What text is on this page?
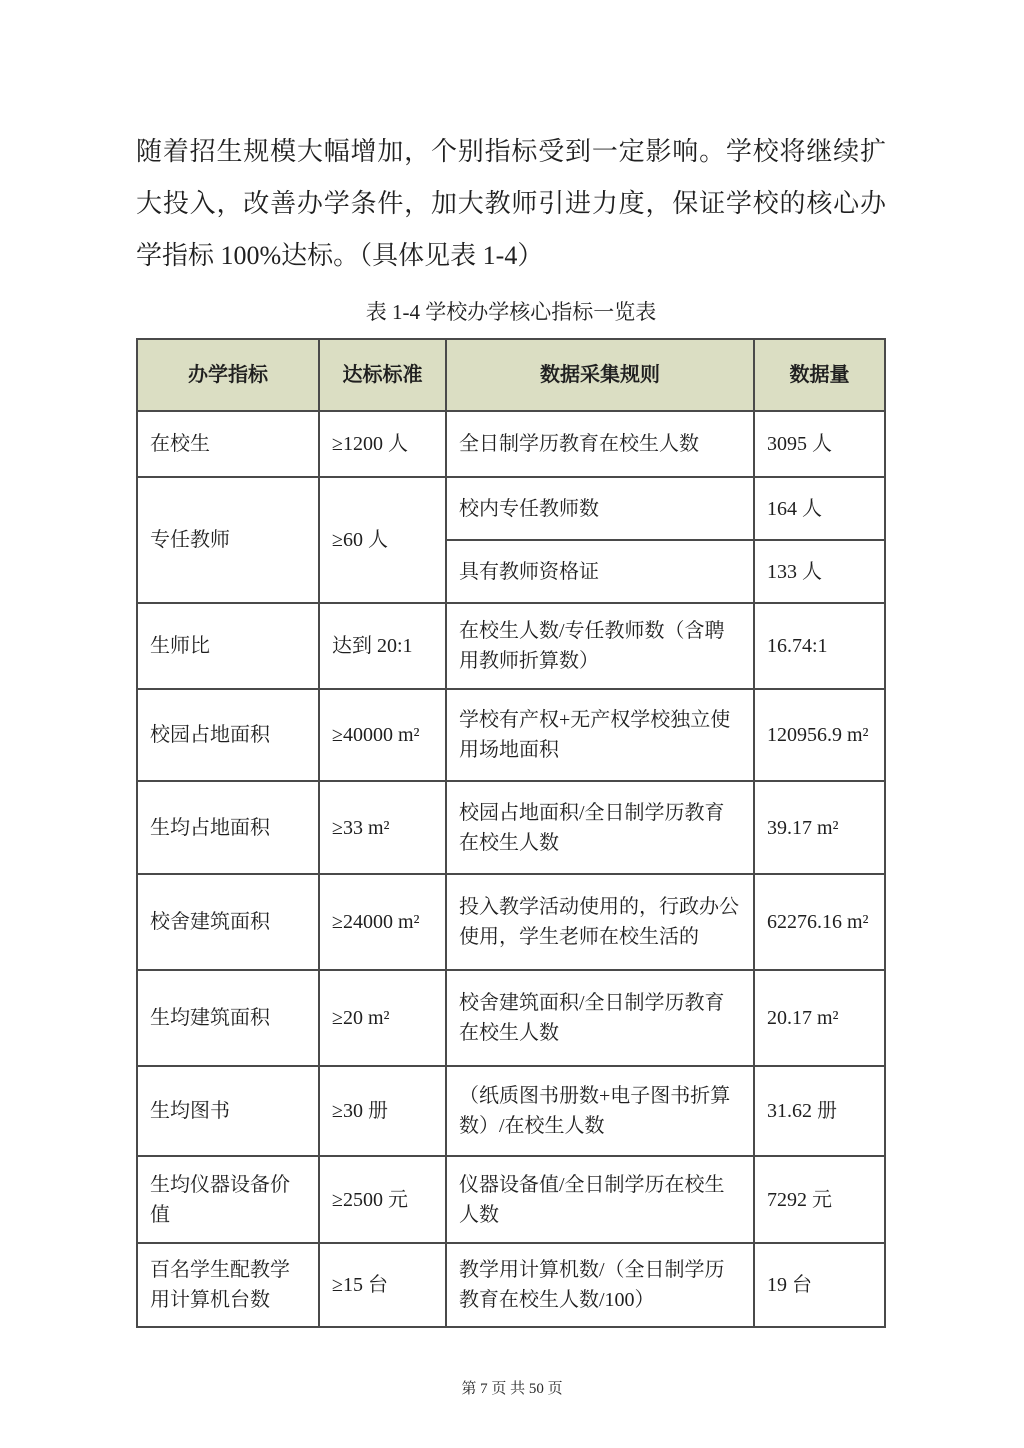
随着招生规模大幅增加，个别指标受到一定影响。学校将继续扩大投入，改善办学条件，加大教师引进力度，保证学校的核心办学指标 100%达标。（具体见表 1-4）

表 1-4 学校办学核心指标一览表
办学指标	达标标准	数据采集规则	数据量
在校生	≥1200 人	全日制学历教育在校生人数	3095 人
专任教师	≥60 人	校内专任教师数	164 人
		具有教师资格证	133 人
生师比	达到 20:1	在校生人数/专任教师数（含聘用教师折算数）	16.74:1
校园占地面积	≥40000 m²	学校有产权+无产权学校独立使用场地面积	120956.9 m²
生均占地面积	≥33 m²	校园占地面积/全日制学历教育在校生人数	39.17 m²
校舍建筑面积	≥24000 m²	投入教学活动使用的，行政办公使用，学生老师在校生活的	62276.16 m²
生均建筑面积	≥20 m²	校舍建筑面积/全日制学历教育在校生人数	20.17 m²
生均图书	≥30 册	（纸质图书册数+电子图书折算数）/在校生人数	31.62 册
生均仪器设备价值	≥2500 元	仪器设备值/全日制学历在校生人数	7292 元
百名学生配教学用计算机台数	≥15 台	教学用计算机数/（全日制学历教育在校生人数/100）	19 台
第 7 页 共 50 页
